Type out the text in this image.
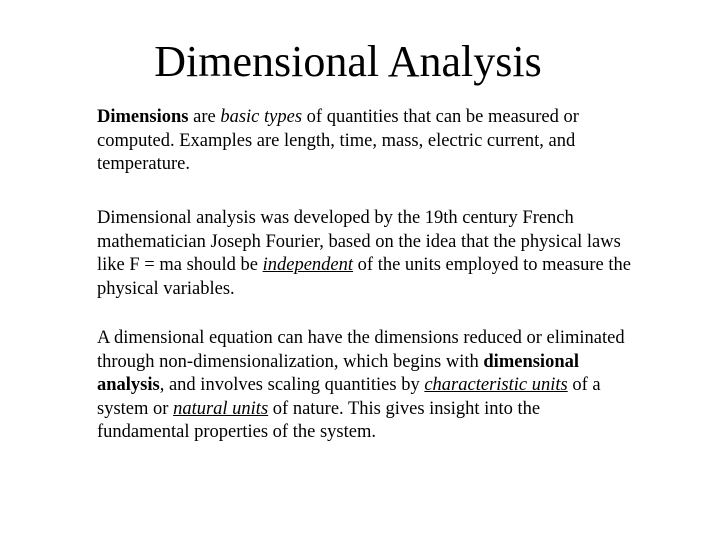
Dimensional Analysis

Dimensions are basic types of quantities that can be measured or computed. Examples are length, time, mass, electric current, and temperature.

Dimensional analysis was developed by the 19th century French mathematician Joseph Fourier, based on the idea that the physical laws like F = ma should be independent of the units employed to measure the physical variables.

A dimensional equation can have the dimensions reduced or eliminated through non-dimensionalization, which begins with dimensional analysis, and involves scaling quantities by characteristic units of a system or natural units of nature. This gives insight into the fundamental properties of the system.
